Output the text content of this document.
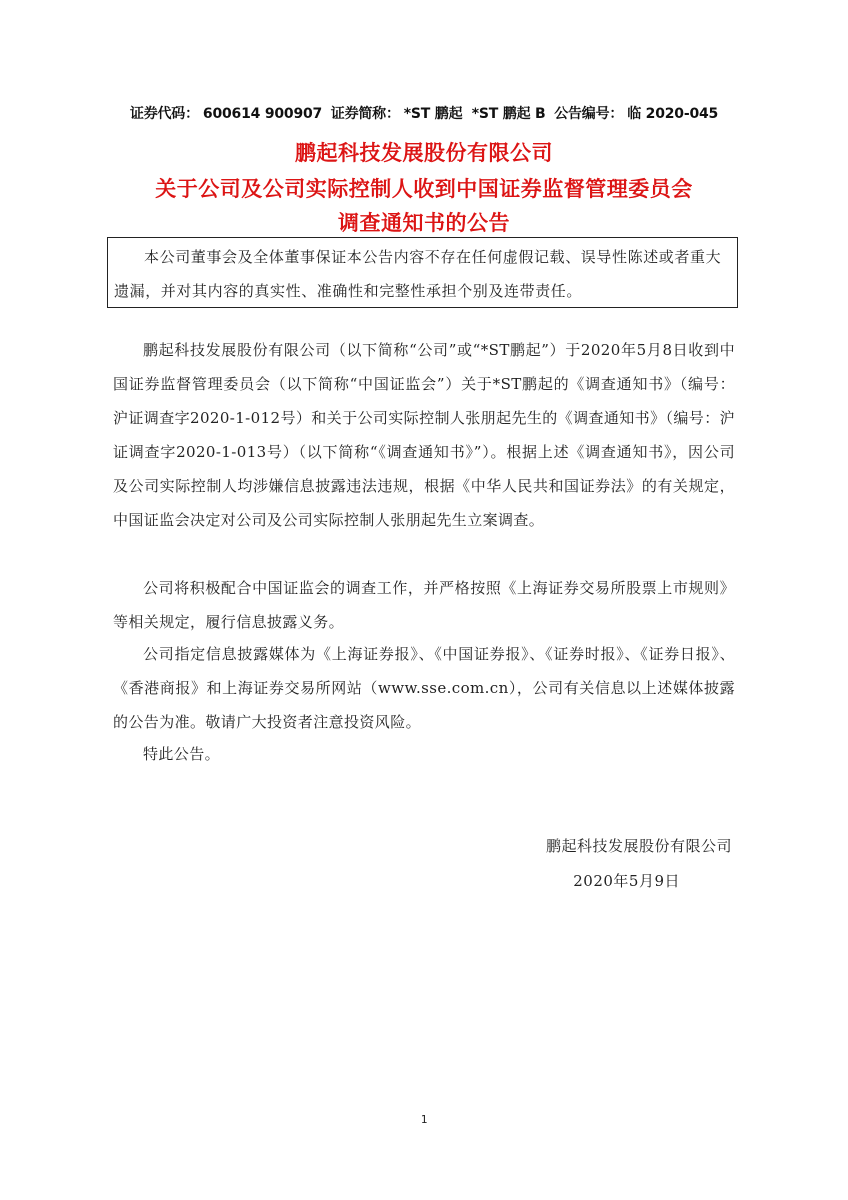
证券代码： 600614 900907 证券简称： *ST 鹏起  *ST 鹏起 B 公告编号： 临 2020-045
鹏起科技发展股份有限公司
关于公司及公司实际控制人收到中国证券监督管理委员会
调查通知书的公告
本公司董事会及全体董事保证本公告内容不存在任何虚假记载、误导性陈述或者重大遗漏，并对其内容的真实性、准确性和完整性承担个别及连带责任。
鹏起科技发展股份有限公司（以下简称“公司”或“*ST鹏起”）于2020年5月8日收到中国证券监督管理委员会（以下简称“中国证监会”）关于*ST鹏起的《调查通知书》（编号：沪证调查字2020-1-012号）和关于公司实际控制人张朋起先生的《调查通知书》（编号：沪证调查字2020-1-013号）（以下简称“《调查通知书》”）。根据上述《调查通知书》，因公司及公司实际控制人均涉嫌信息披露违法违规，根据《中华人民共和国证券法》的有关规定，中国证监会决定对公司及公司实际控制人张朋起先生立案调查。
公司将积极配合中国证监会的调查工作，并严格按照《上海证券交易所股票上市规则》等相关规定，履行信息披露义务。
公司指定信息披露媒体为《上海证券报》、《中国证券报》、《证券时报》、《证券日报》、《香港商报》和上海证券交易所网站（www.sse.com.cn），公司有关信息以上述媒体披露的公告为准。敬请广大投资者注意投资风险。
特此公告。
鹏起科技发展股份有限公司
2020年5月9日
1
